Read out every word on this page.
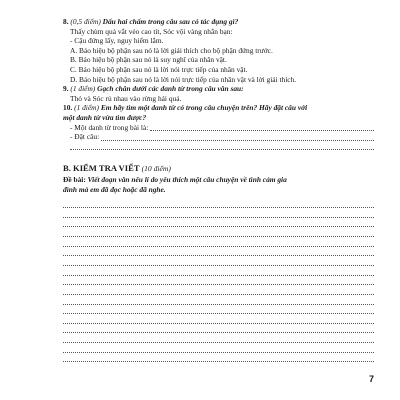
8. (0,5 điểm) Dấu hai chấm trong câu sau có tác dụng gì?
Thấy chùm quả vắt vẻo cao tít, Sóc vội vàng nhắn bạn:
- Cậu đứng lấy, nguy hiểm lắm.
A. Báo hiệu bộ phận sau nó là lời giải thích cho bộ phận đứng trước.
B. Báo hiệu bộ phận sau nó là suy nghĩ của nhân vật.
C. Báo hiệu bộ phận sau nó là lời nói trực tiếp của nhân vật.
D. Báo hiệu bộ phận sau nó là lời nói trực tiếp của nhân vật và lời giải thích.
9. (1 điểm) Gạch chân dưới các danh từ trong câu văn sau:
Thỏ và Sóc rủ nhau vào rừng hái quả.
10. (1 điểm) Em hãy tìm một danh từ có trong câu chuyện trên? Hãy đặt câu với
một danh từ vừa tìm được?
- Một danh từ trong bài là:
- Đặt câu:
B. KIỂM TRA VIẾT (10 điểm)
Đề bài: Viết đoạn văn nêu lí do yêu thích một câu chuyện về tình cảm gia
đình mà em đã đọc hoặc đã nghe.
7
